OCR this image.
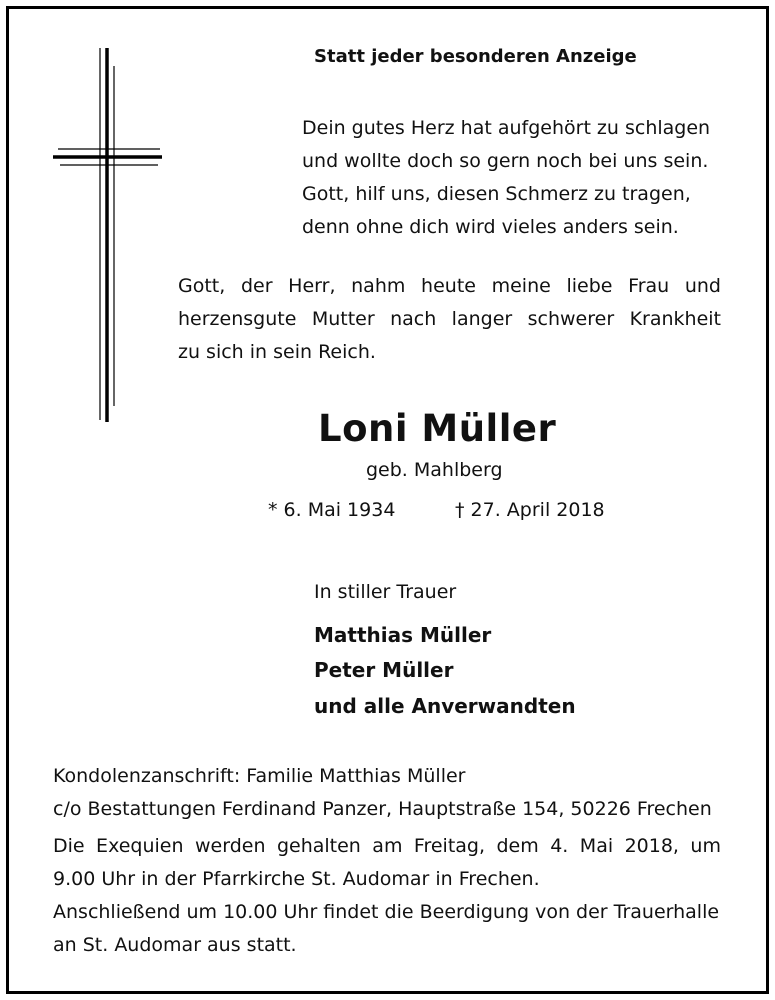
Statt jeder besonderen Anzeige

Dein gutes Herz hat aufgehört zu schlagen
und wollte doch so gern noch bei uns sein.
Gott, hilf uns, diesen Schmerz zu tragen,
denn ohne dich wird vieles anders sein.
Gott, der Herr, nahm heute meine liebe Frau und
herzensgute Mutter nach langer schwerer Krankheit
zu sich in sein Reich.

Loni Müller

geb. Mahlberg

* 6. Mai 1934	† 27. April 2018

In stiller Trauer

Matthias Müller

Peter Müller

und alle Anverwandten

Kondolenzanschrift: Familie Matthias Müller
c/o Bestattungen Ferdinand Panzer, Hauptstraße 154, 50226 Frechen
Die Exequien werden gehalten am Freitag, dem 4. Mai 2018, um
9.00 Uhr in der Pfarrkirche St. Audomar in Frechen.
Anschließend um 10.00 Uhr findet die Beerdigung von der Trauerhalle
an St. Audomar aus statt.
